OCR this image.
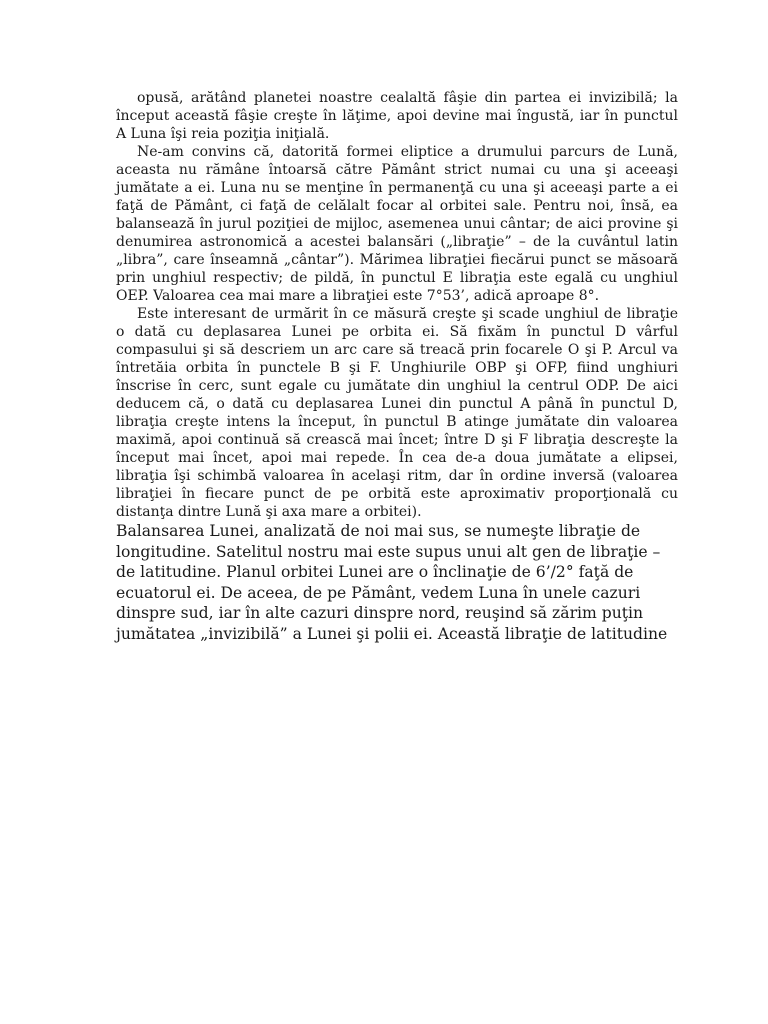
opusă, arătând planetei noastre cealaltă fâşie din partea ei invizibilă; la început această fâşie creşte în lăţime, apoi devine mai îngustă, iar în punctul A Luna îşi reia poziţia iniţială.

Ne-am convins că, datorită formei eliptice a drumului parcurs de Lună, aceasta nu rămâne întoarsă către Pământ strict numai cu una şi aceeaşi jumătate a ei. Luna nu se menţine în permanenţă cu una şi aceeaşi parte a ei faţă de Pământ, ci faţă de celălalt focar al orbitei sale. Pentru noi, însă, ea balansează în jurul poziţiei de mijloc, asemenea unui cântar; de aici provine şi denumirea astronomică a acestei balansări („libraţie” – de la cuvântul latin „libra”, care înseamnă „cântar”). Mărimea libraţiei fiecărui punct se măsoară prin unghiul respectiv; de pildă, în punctul E libraţia este egală cu unghiul OEP. Valoarea cea mai mare a libraţiei este 7°53’, adică aproape 8°.

Este interesant de urmărit în ce măsură creşte şi scade unghiul de libraţie o dată cu deplasarea Lunei pe orbita ei. Să fixăm în punctul D vârful compasului şi să descriem un arc care să treacă prin focarele O şi P. Arcul va întretăia orbita în punctele B şi F. Unghiurile OBP şi OFP, fiind unghiuri înscrise în cerc, sunt egale cu jumătate din unghiul la centrul ODP. De aici deducem că, o dată cu deplasarea Lunei din punctul A până în punctul D, libraţia creşte intens la început, în punctul B atinge jumătate din valoarea maximă, apoi continuă să crească mai încet; între D şi F libraţia descreşte la început mai încet, apoi mai repede. În cea de-a doua jumătate a elipsei, libraţia îşi schimbă valoarea în acelaşi ritm, dar în ordine inversă (valoarea libraţiei în fiecare punct de pe orbită este aproximativ proporţională cu distanţa dintre Lună şi axa mare a orbitei).

Balansarea Lunei, analizată de noi mai sus, se numeşte libraţie de longitudine. Satelitul nostru mai este supus unui alt gen de libraţie – de latitudine. Planul orbitei Lunei are o înclinaţie de 6’/2° faţă de ecuatorul ei. De aceea, de pe Pământ, vedem Luna în unele cazuri dinspre sud, iar în alte cazuri dinspre nord, reuşind să zărim puţin jumătatea „invizibilă” a Lunei şi polii ei. Această libraţie de latitudine
